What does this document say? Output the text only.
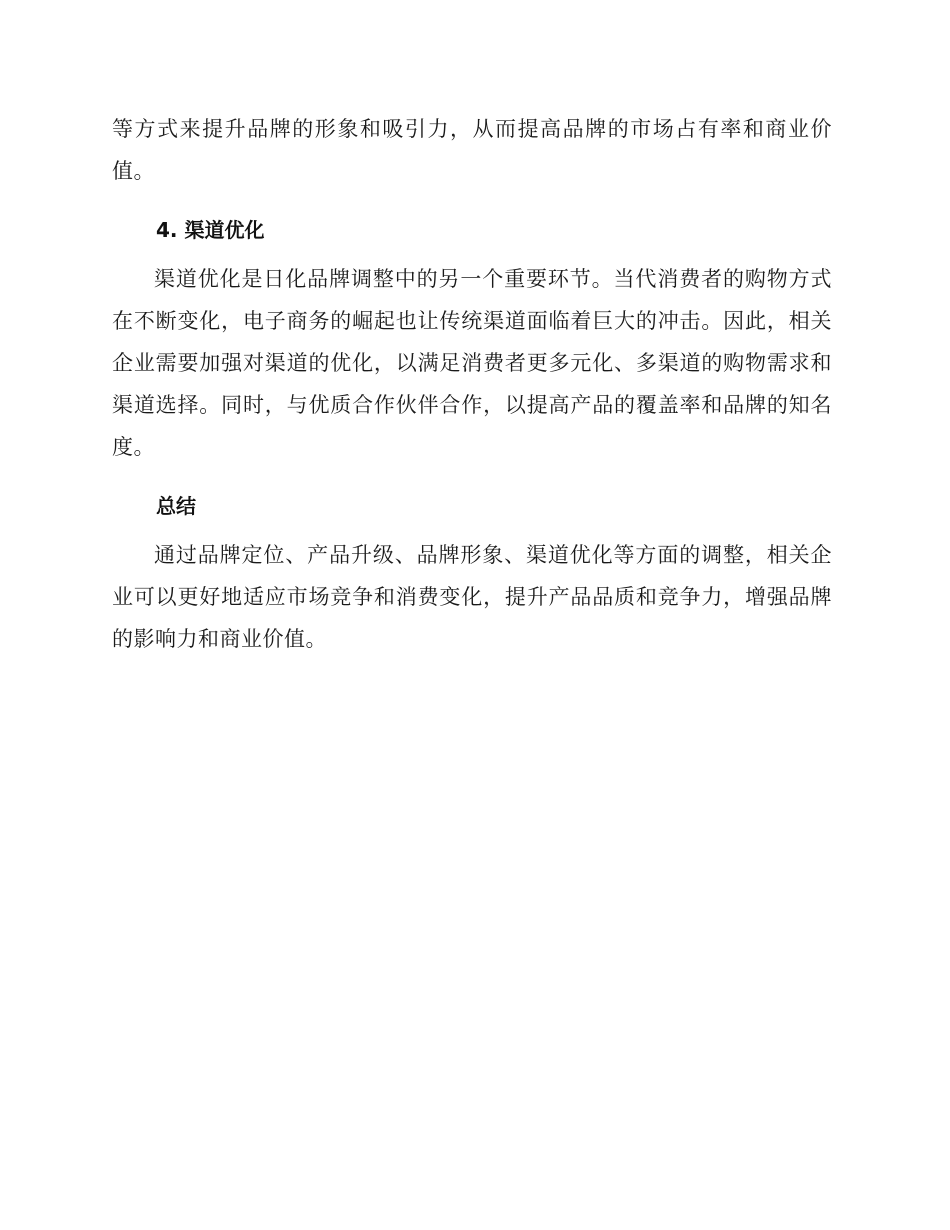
等方式来提升品牌的形象和吸引力，从而提高品牌的市场占有率和商业价值。

4. 渠道优化

渠道优化是日化品牌调整中的另一个重要环节。当代消费者的购物方式在不断变化，电子商务的崛起也让传统渠道面临着巨大的冲击。因此，相关企业需要加强对渠道的优化，以满足消费者更多元化、多渠道的购物需求和渠道选择。同时，与优质合作伙伴合作，以提高产品的覆盖率和品牌的知名度。

总结

通过品牌定位、产品升级、品牌形象、渠道优化等方面的调整，相关企业可以更好地适应市场竞争和消费变化，提升产品品质和竞争力，增强品牌的影响力和商业价值。
